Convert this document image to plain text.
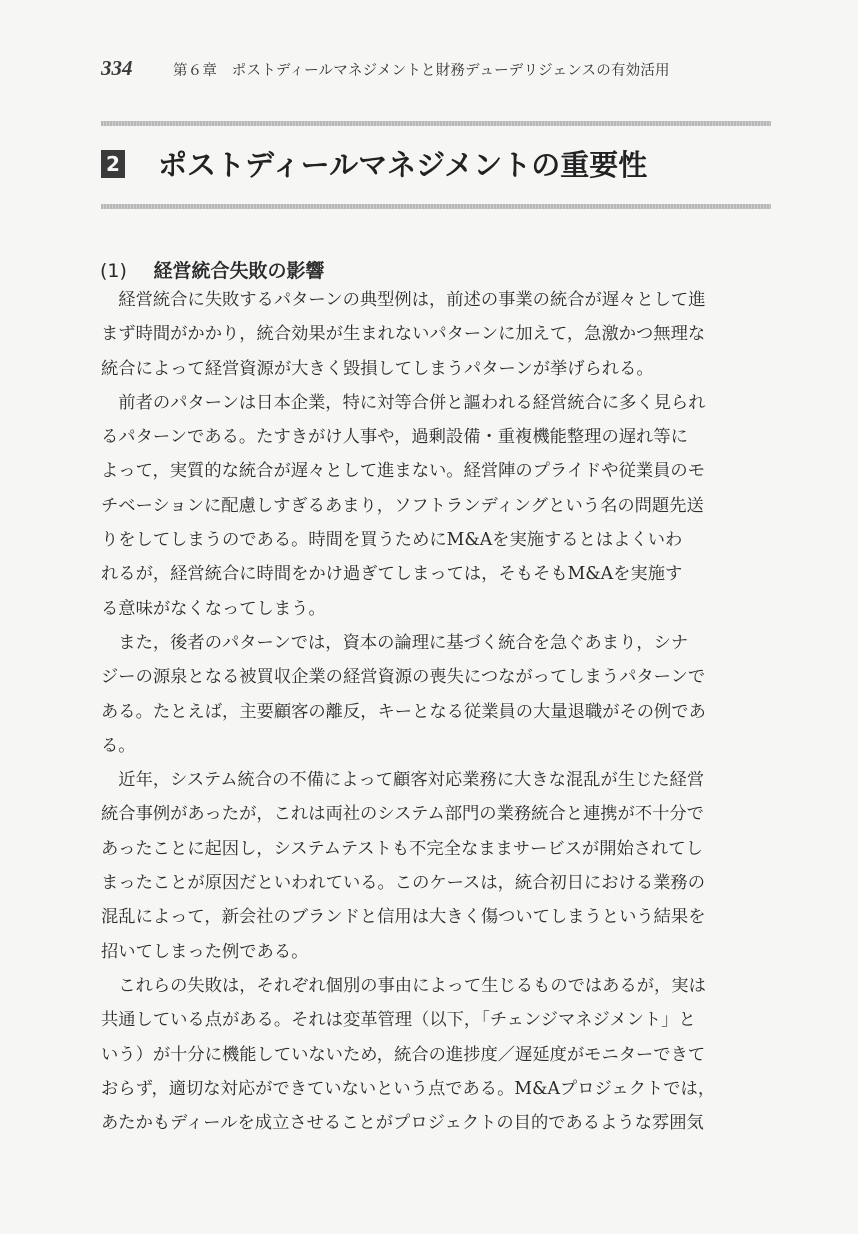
334	第６章　ポストディールマネジメントと財務デューデリジェンスの有効活用
2 ポストディールマネジメントの重要性
(1) 経営統合失敗の影響

　経営統合に失敗するパターンの典型例は，前述の事業の統合が遅々として進
まず時間がかかり，統合効果が生まれないパターンに加えて，急激かつ無理な
統合によって経営資源が大きく毀損してしまうパターンが挙げられる。
　前者のパターンは日本企業，特に対等合併と謳われる経営統合に多く見られ
るパターンである。たすきがけ人事や，過剰設備・重複機能整理の遅れ等に
よって，実質的な統合が遅々として進まない。経営陣のプライドや従業員のモ
チベーションに配慮しすぎるあまり，ソフトランディングという名の問題先送
りをしてしまうのである。時間を買うためにM&Aを実施するとはよくいわ
れるが，経営統合に時間をかけ過ぎてしまっては，そもそもM&Aを実施す
る意味がなくなってしまう。
　また，後者のパターンでは，資本の論理に基づく統合を急ぐあまり，シナ
ジーの源泉となる被買収企業の経営資源の喪失につながってしまうパターンで
ある。たとえば，主要顧客の離反，キーとなる従業員の大量退職がその例であ
る。
　近年，システム統合の不備によって顧客対応業務に大きな混乱が生じた経営
統合事例があったが，これは両社のシステム部門の業務統合と連携が不十分で
あったことに起因し，システムテストも不完全なままサービスが開始されてし
まったことが原因だといわれている。このケースは，統合初日における業務の
混乱によって，新会社のブランドと信用は大きく傷ついてしまうという結果を
招いてしまった例である。
　これらの失敗は，それぞれ個別の事由によって生じるものではあるが，実は
共通している点がある。それは変革管理（以下，「チェンジマネジメント」と
いう）が十分に機能していないため，統合の進捗度／遅延度がモニターできて
おらず，適切な対応ができていないという点である。M&Aプロジェクトでは，
あたかもディールを成立させることがプロジェクトの目的であるような雰囲気
